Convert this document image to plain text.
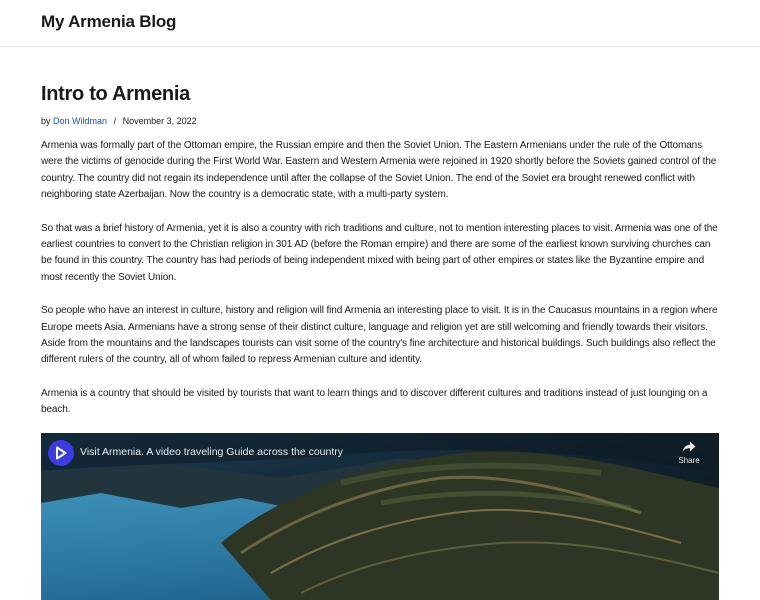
My Armenia Blog
Intro to Armenia
by Don Wildman / November 3, 2022

Armenia was formally part of the Ottoman empire, the Russian empire and then the Soviet Union. The Eastern Armenians under the rule of the Ottomans were the victims of genocide during the First World War. Eastern and Western Armenia were rejoined in 1920 shortly before the Soviets gained control of the country. The country did not regain its independence until after the collapse of the Soviet Union. The end of the Soviet era brought renewed conflict with neighboring state Azerbaijan. Now the country is a democratic state, with a multi-party system.

So that was a brief history of Armenia, yet it is also a country with rich traditions and culture, not to mention interesting places to visit. Armenia was one of the earliest countries to convert to the Christian religion in 301 AD (before the Roman empire) and there are some of the earliest known surviving churches can be found in this country. The country has had periods of being independent mixed with being part of other empires or states like the Byzantine empire and most recently the Soviet Union.

So people who have an interest in culture, history and religion will find Armenia an interesting place to visit. It is in the Caucasus mountains in a region where Europe meets Asia. Armenians have a strong sense of their distinct culture, language and religion yet are still welcoming and friendly towards their visitors. Aside from the mountains and the landscapes tourists can visit some of the country's fine architecture and historical buildings. Such buildings also reflect the different rulers of the country, all of whom failed to repress Armenian culture and identity.

Armenia is a country that should be visited by tourists that want to learn things and to discover different cultures and traditions instead of just lounging on a beach.

Visit Armenia. A video traveling Guide across the country
Share
